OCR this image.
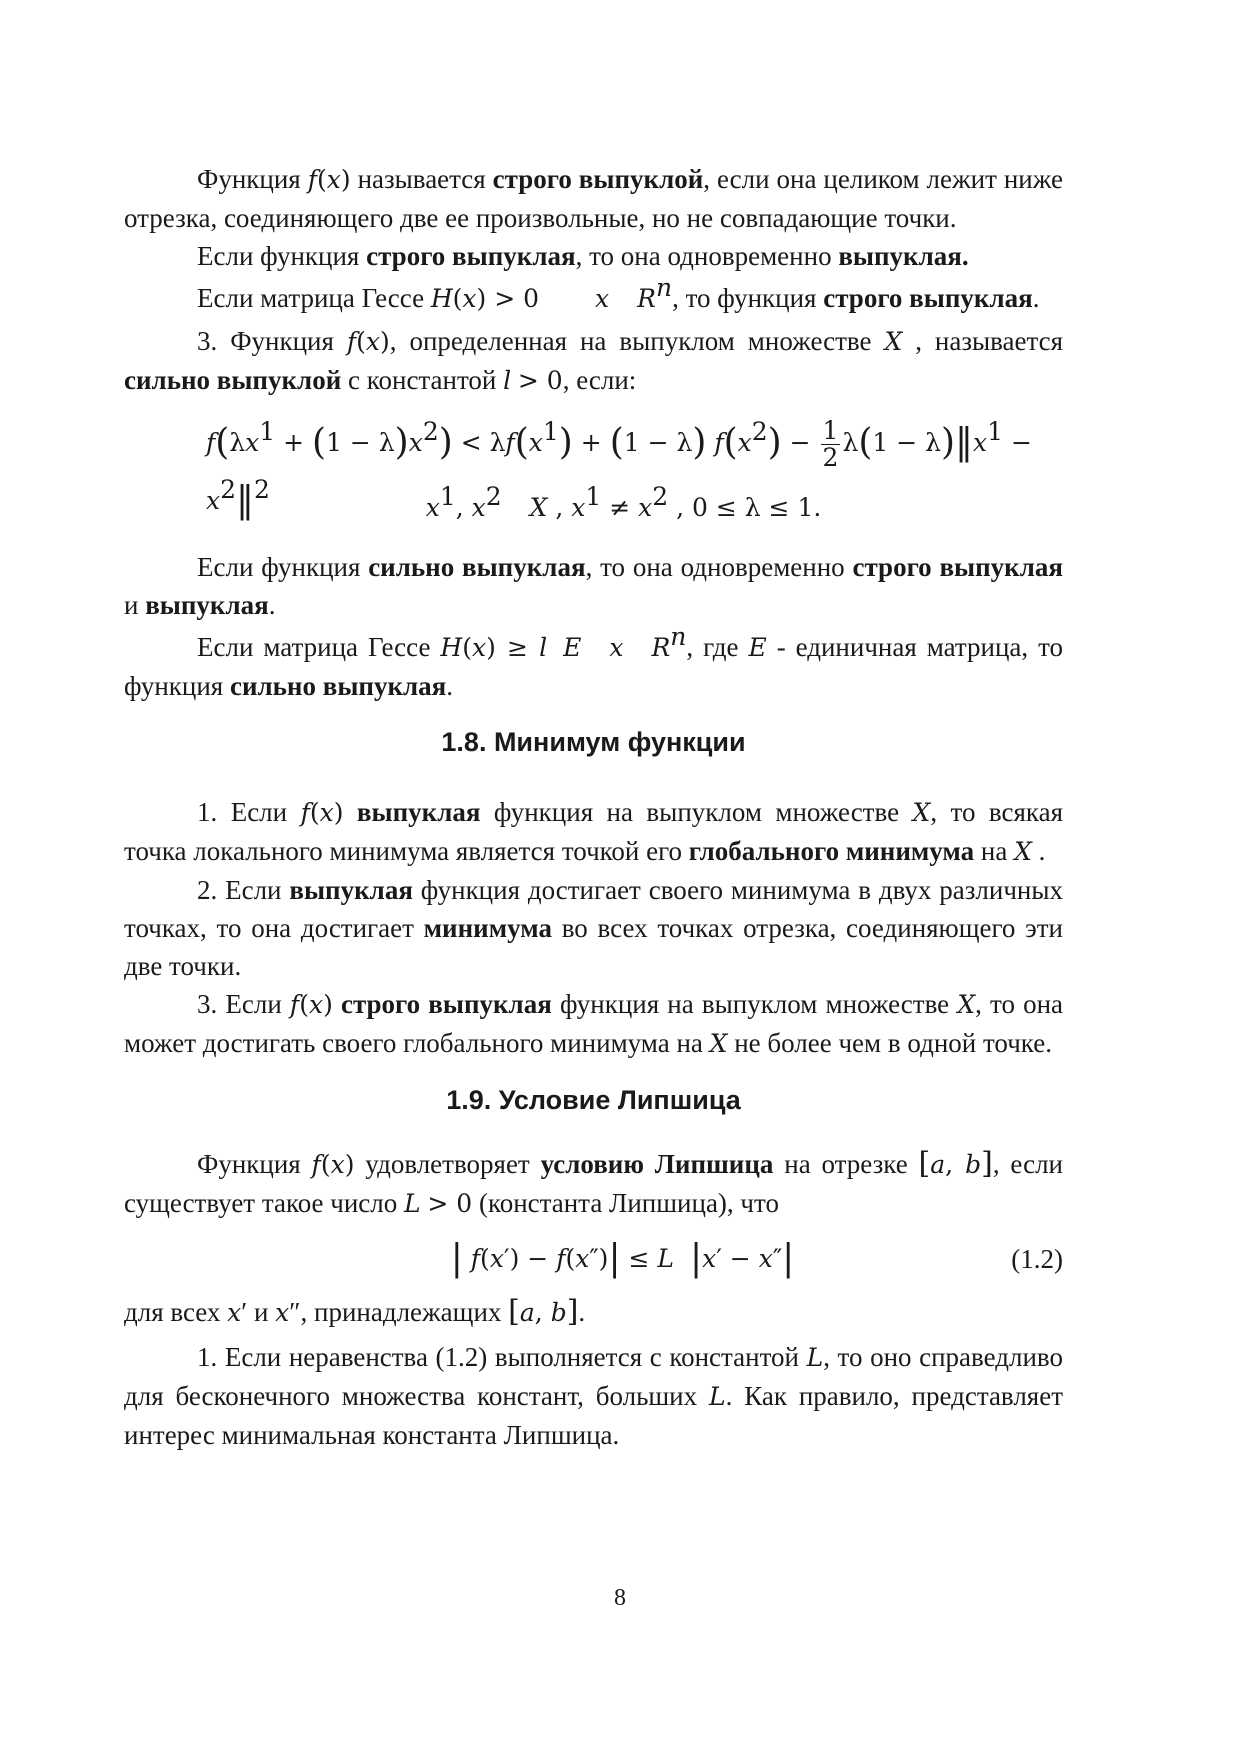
Функция f(x) называется строго выпуклой, если она целиком лежит ниже отрезка, соединяющего две ее произвольные, но не совпадающие точки.

Если функция строго выпуклая, то она одновременно выпуклая.

Если матрица Гессе H(x) > 0 x $R^n$, то функция строго выпуклая.

3. Функция f(x), определенная на выпуклом множестве X , называется сильно выпуклой с константой l > 0, если:

$f(\lambda x^1 + (1 - \lambda)x^2) < \lambda f(x^1) + (1 - \lambda) f(x^2) - \frac{1}{2} \lambda(1$ − $\lambda)‖x^1$ − $x^2‖^2$
$x^1$, $x^2$ X , $x^1 \ne x^2$ , 0 ≤ λ ≤ 1.

Если функция сильно выпуклая, то она одновременно строго выпуклая и выпуклая.

Если матрица Гессе H(x) ≥ l E x $R^n$, где E - единичная матрица, то функция сильно выпуклая.

1.8. Минимум функции

1. Если f(x) выпуклая функция на выпуклом множестве X, то всякая точка локального минимума является точкой его глобального минимума на X .

2. Если выпуклая функция достигает своего минимума в двух различных точках, то она достигает минимума во всех точках отрезка, соединяющего эти две точки.

3. Если f(x) строго выпуклая функция на выпуклом множестве X, то она может достигать своего глобального минимума на X не более чем в одной точке.

1.9. Условие Липшица

Функция f(x) удовлетворяет условию Липшица на отрезке [a, b], если существует такое число L > 0 (константа Липшица), что

| f(x′) − f(x″)| ≤ L |x′ − x″|	(1.2)

для всех x′ и x″, принадлежащих [a, b].

1. Если неравенства (1.2) выполняется с константой L, то оно справедливо для бесконечного множества констант, больших L. Как правило, представляет интерес минимальная константа Липшица.

8
